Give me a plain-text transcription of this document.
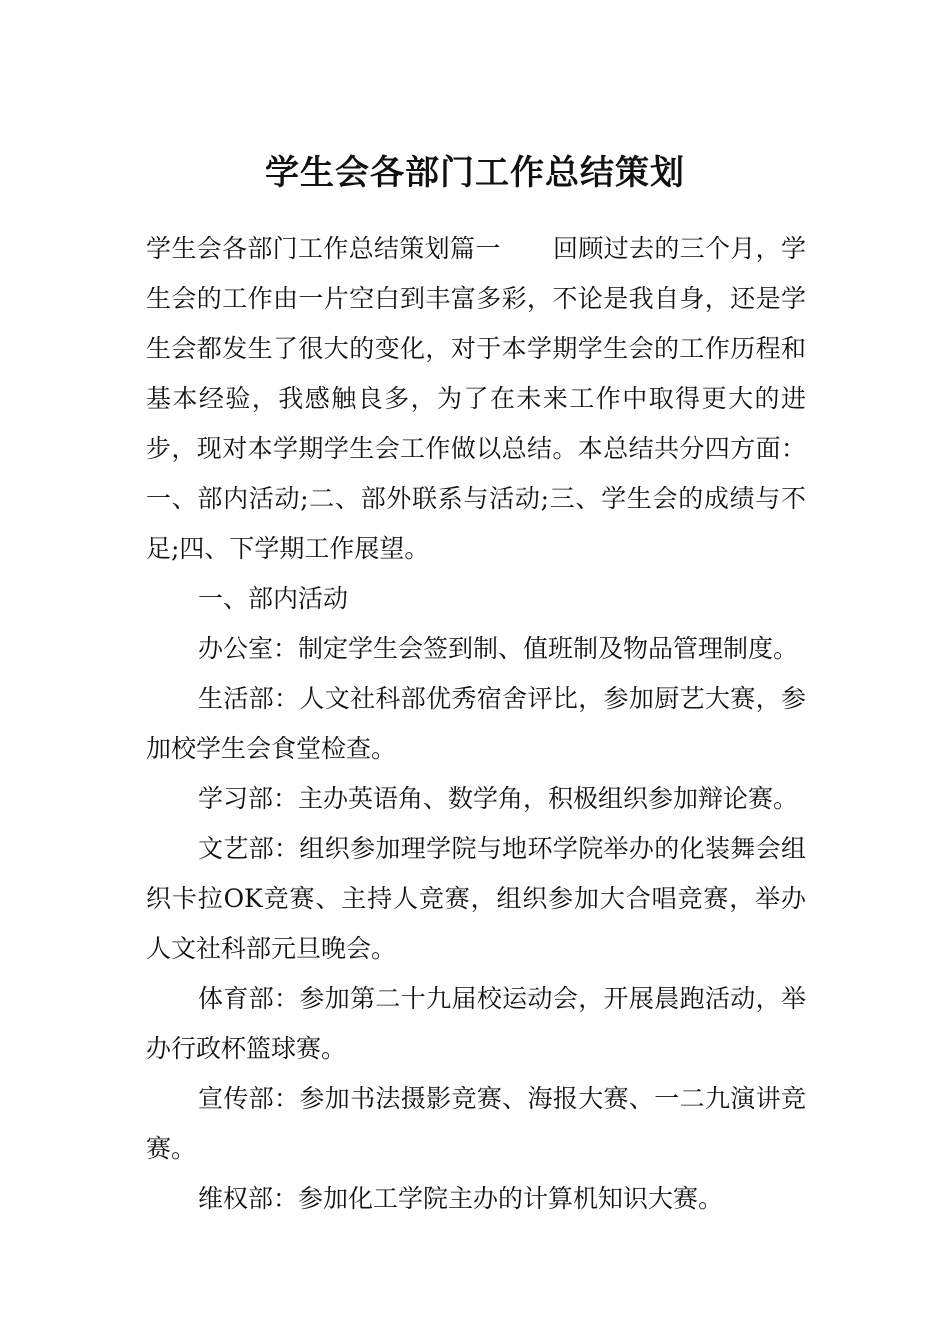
学生会各部门工作总结策划

学生会各部门工作总结策划篇一 回顾过去的三个月，学生会的工作由一片空白到丰富多彩，不论是我自身，还是学生会都发生了很大的变化，对于本学期学生会的工作历程和基本经验，我感触良多，为了在未来工作中取得更大的进步，现对本学期学生会工作做以总结。本总结共分四方面：一、部内活动;二、部外联系与活动;三、学生会的成绩与不足;四、下学期工作展望。

一、部内活动

办公室：制定学生会签到制、值班制及物品管理制度。

生活部：人文社科部优秀宿舍评比，参加厨艺大赛，参加校学生会食堂检查。

学习部：主办英语角、数学角，积极组织参加辩论赛。

文艺部：组织参加理学院与地环学院举办的化装舞会组织卡拉OK竞赛、主持人竞赛，组织参加大合唱竞赛，举办人文社科部元旦晚会。

体育部：参加第二十九届校运动会，开展晨跑活动，举办行政杯篮球赛。

宣传部：参加书法摄影竞赛、海报大赛、一二九演讲竞赛。

维权部：参加化工学院主办的计算机知识大赛。
